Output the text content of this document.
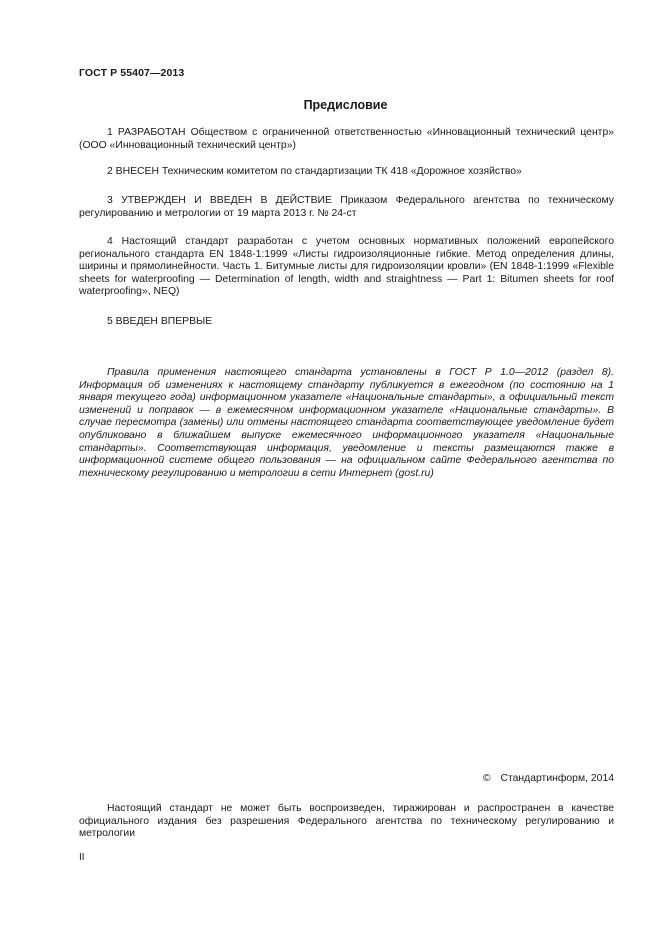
ГОСТ Р 55407—2013
Предисловие

1 РАЗРАБОТАН Обществом с ограниченной ответственностью «Инновационный технический центр» (ООО «Инновационный технический центр»)

2 ВНЕСЕН Техническим комитетом по стандартизации ТК 418 «Дорожное хозяйство»

3 УТВЕРЖДЕН И ВВЕДЕН В ДЕЙСТВИЕ Приказом Федерального агентства по техническому регулированию и метрологии от 19 марта 2013 г. № 24-ст

4 Настоящий стандарт разработан с учетом основных нормативных положений европейского регионального стандарта EN 1848-1:1999 «Листы гидроизоляционные гибкие. Метод определения длины, ширины и прямолинейности. Часть 1. Битумные листы для гидроизоляции кровли» (EN 1848-1:1999 «Flexible sheets for waterproofing — Determination of length, width and straightness — Part 1: Bitumen sheets for roof waterproofing», NEQ)

5 ВВЕДЕН ВПЕРВЫЕ

Правила применения настоящего стандарта установлены в ГОСТ Р 1.0—2012 (раздел 8). Информация об изменениях к настоящему стандарту публикуется в ежегодном (по состоянию на 1 января текущего года) информационном указателе «Национальные стандарты», а официальный текст изменений и поправок — в ежемесячном информационном указателе «Национальные стандарты». В случае пересмотра (замены) или отмены настоящего стандарта соответствующее уведомление будет опубликовано в ближайшем выпуске ежемесячного информационного указателя «Национальные стандарты». Соответствующая информация, уведомление и тексты размещаются также в информационной системе общего пользования — на официальном сайте Федерального агентства по техническому регулированию и метрологии в сети Интернет (gost.ru)

© Стандартинформ, 2014

Настоящий стандарт не может быть воспроизведен, тиражирован и распространен в качестве официального издания без разрешения Федерального агентства по техническому регулированию и метрологии

II
